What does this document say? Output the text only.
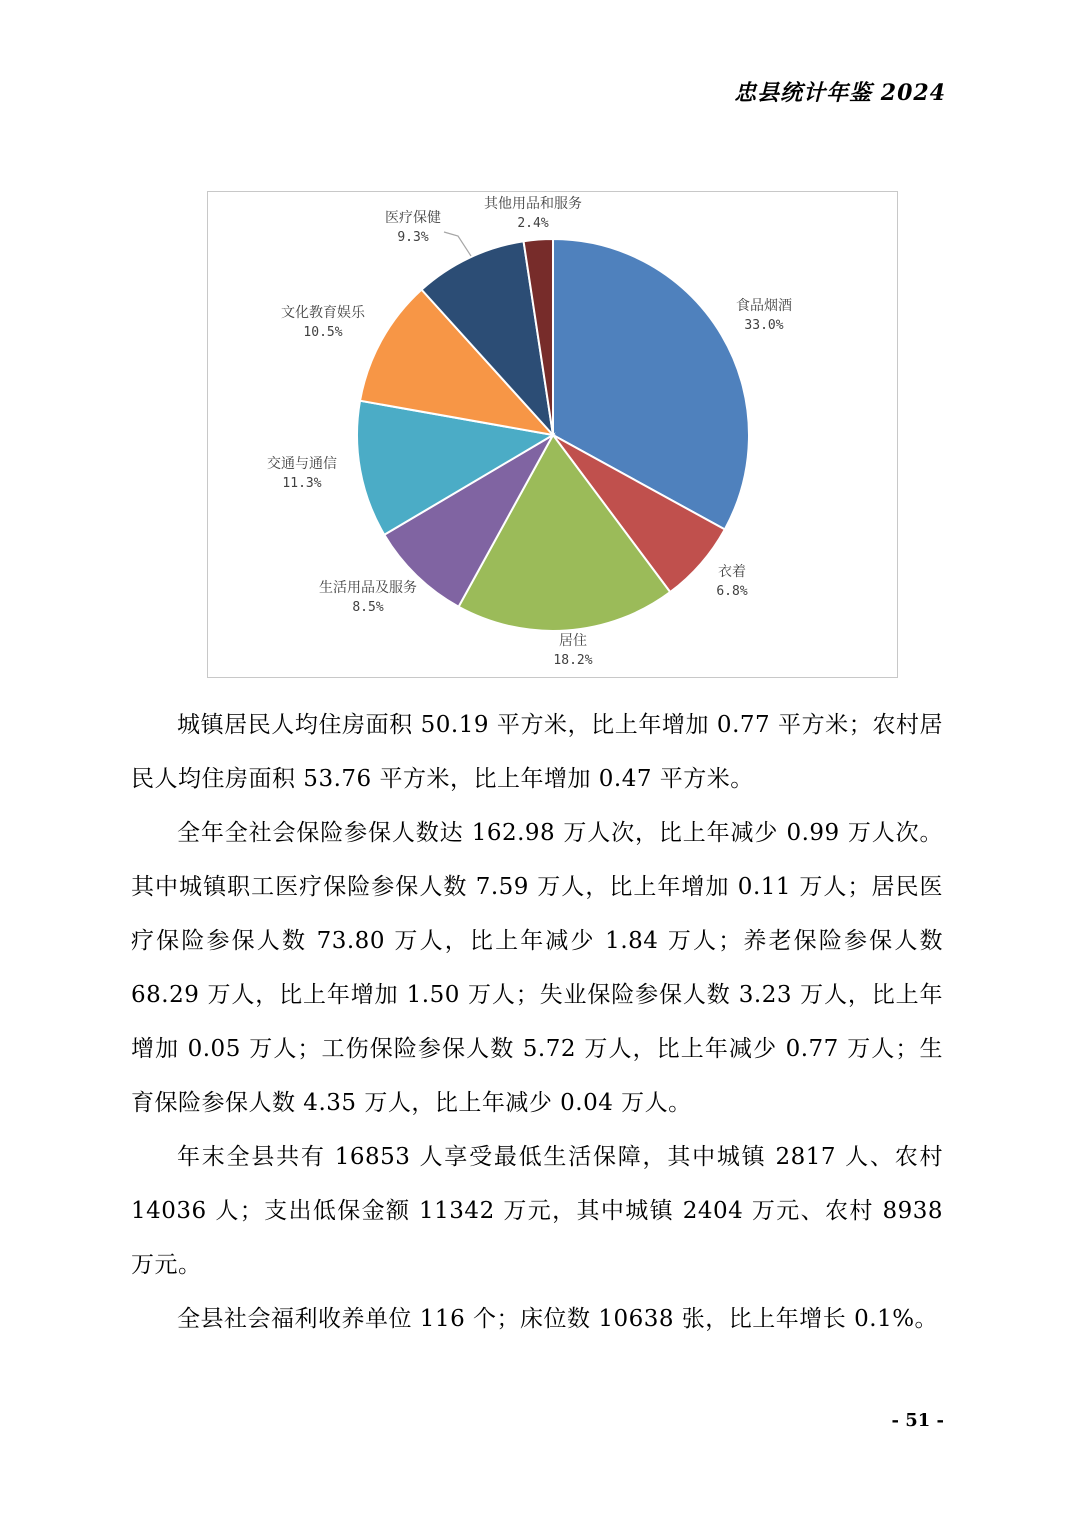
忠县统计年鉴 2024
食品烟酒
33.0%
衣着
6.8%
居住
18.2%
生活用品及服务
8.5%
交通与通信
11.3%
文化教育娱乐
10.5%
医疗保健
9.3%
其他用品和服务
2.4%

城镇居民人均住房面积 50.19 平方米，比上年增加 0.77 平方米；农村居民人均住房面积 53.76 平方米，比上年增加 0.47 平方米。

全年全社会保险参保人数达 162.98 万人次，比上年减少 0.99 万人次。其中城镇职工医疗保险参保人数 7.59 万人，比上年增加 0.11 万人；居民医疗保险参保人数 73.80 万人，比上年减少 1.84 万人；养老保险参保人数 68.29 万人，比上年增加 1.50 万人；失业保险参保人数 3.23 万人，比上年增加 0.05 万人；工伤保险参保人数 5.72 万人，比上年减少 0.77 万人；生育保险参保人数 4.35 万人，比上年减少 0.04 万人。

年末全县共有 16853 人享受最低生活保障，其中城镇 2817 人、农村 14036 人；支出低保金额 11342 万元，其中城镇 2404 万元、农村 8938 万元。

全县社会福利收养单位 116 个；床位数 10638 张，比上年增长 0.1%。

- 51 -
